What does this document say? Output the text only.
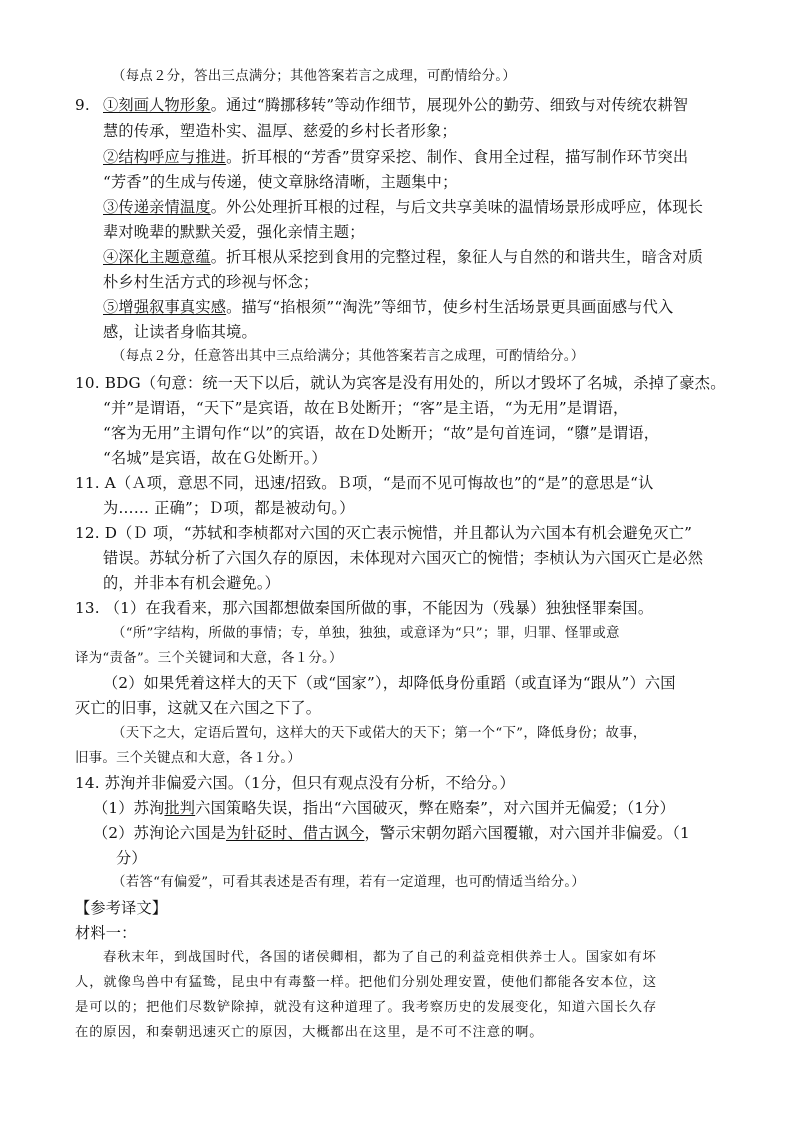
（每点２分，答出三点满分；其他答案若言之成理，可酌情给分。）
9. ①刻画人物形象。通过“腾挪移转”等动作细节，展现外公的勤劳、细致与对传统农耕智
慧的传承，塑造朴实、温厚、慈爱的乡村长者形象；
②结构呼应与推进。折耳根的“芳香”贯穿采挖、制作、食用全过程，描写制作环节突出
“芳香”的生成与传递，使文章脉络清晰，主题集中；
③传递亲情温度。外公处理折耳根的过程，与后文共享美味的温情场景形成呼应，体现长
辈对晚辈的默默关爱，强化亲情主题；
④深化主题意蕴。折耳根从采挖到食用的完整过程，象征人与自然的和谐共生，暗含对质
朴乡村生活方式的珍视与怀念；
⑤增强叙事真实感。描写“掐根须”“淘洗”等细节，使乡村生活场景更具画面感与代入
感，让读者身临其境。
（每点２分，任意答出其中三点给满分；其他答案若言之成理，可酌情给分。）
10. BDG（句意：统一天下以后，就认为宾客是没有用处的，所以才毁坏了名城，杀掉了豪杰。
“并”是谓语，“天下”是宾语，故在Ｂ处断开；“客”是主语，“为无用”是谓语，
“客为无用”主谓句作“以”的宾语，故在Ｄ处断开；“故”是句首连词，“隳”是谓语，
“名城”是宾语，故在Ｇ处断开。）
11. A（Ａ项，意思不同，迅速/招致。Ｂ项，“是而不见可悔故也”的“是”的意思是“认
为…… 正确”；Ｄ项，都是被动句。）
12. D（Ｄ 项，“苏轼和李桢都对六国的灭亡表示惋惜，并且都认为六国本有机会避免灭亡”
错误。苏轼分析了六国久存的原因，未体现对六国灭亡的惋惜；李桢认为六国灭亡是必然
的，并非本有机会避免。）
13. （1）在我看来，那六国都想做秦国所做的事，不能因为（残暴）独独怪罪秦国。
（“所”字结构，所做的事情；专，单独，独独，或意译为“只”；罪，归罪、怪罪或意
译为“责备”。三个关键词和大意，各１分。）
（2）如果凭着这样大的天下（或“国家”），却降低身份重蹈（或直译为“跟从”）六国
灭亡的旧事，这就又在六国之下了。
（天下之大，定语后置句，这样大的天下或偌大的天下；第一个“下”，降低身份；故事，
旧事。三个关键点和大意，各１分。）
14. 苏洵并非偏爱六国。（1分，但只有观点没有分析，不给分。）
（1）苏洵批判六国策略失误，指出“六国破灭，弊在赂秦”，对六国并无偏爱；（1分）
（2）苏洵论六国是为针砭时、借古讽今，警示宋朝勿蹈六国覆辙，对六国并非偏爱。（1
分）
（若答“有偏爱”，可看其表述是否有理，若有一定道理，也可酌情适当给分。）
【参考译文】
材料一：
春秋末年，到战国时代，各国的诸侯卿相，都为了自己的利益竞相供养士人。国家如有坏
人，就像鸟兽中有猛鸷，昆虫中有毒螯一样。把他们分别处理安置，使他们都能各安本位，这
是可以的；把他们尽数铲除掉，就没有这种道理了。我考察历史的发展变化，知道六国长久存
在的原因，和秦朝迅速灭亡的原因，大概都出在这里，是不可不注意的啊。
